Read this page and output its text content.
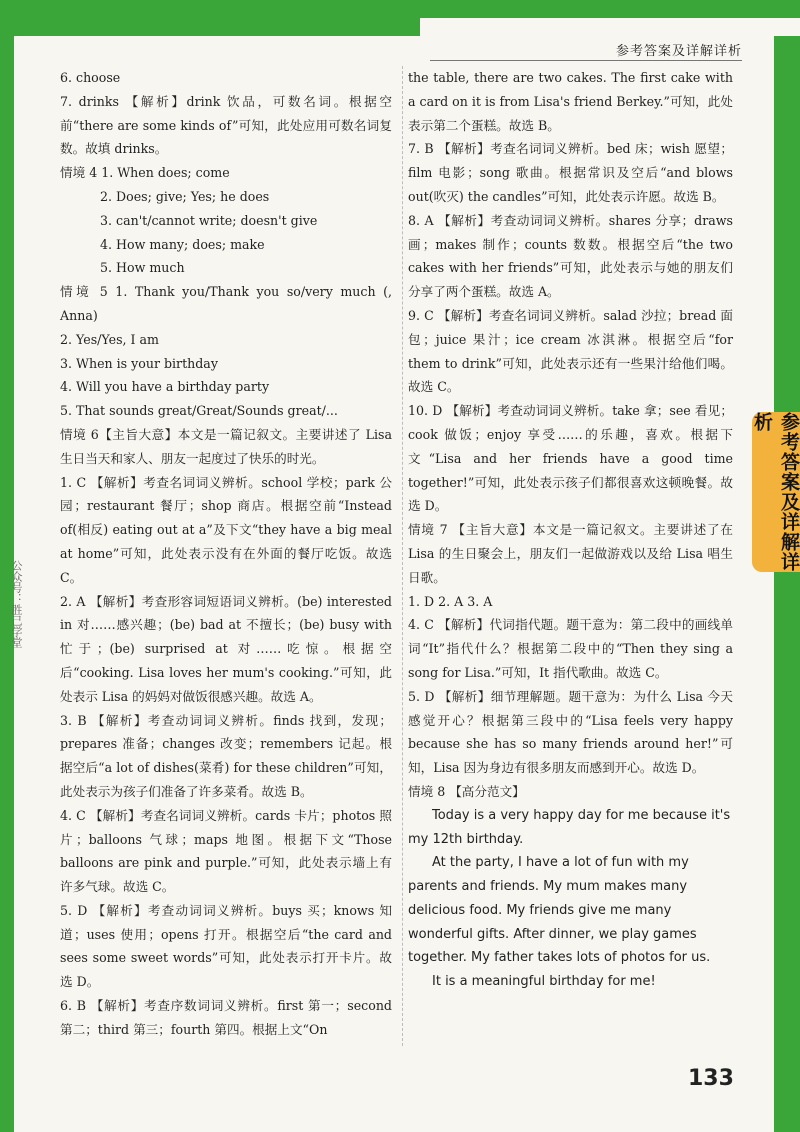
参考答案及详解详析
参考答案及详解详析
公众号：胜己学堂

6. choose

7. drinks 【解析】drink 饮品，可数名词。根据空前“there are some kinds of”可知，此处应用可数名词复数。故填 drinks。

情境 4 1. When does; come

2. Does; give; Yes; he does

3. can't/cannot write; doesn't give

4. How many; does; make

5. How much

情境 5 1. Thank you/Thank you so/very much (, Anna)

2. Yes/Yes, I am

3. When is your birthday

4. Will you have a birthday party

5. That sounds great/Great/Sounds great/...

情境 6【主旨大意】本文是一篇记叙文。主要讲述了 Lisa 生日当天和家人、朋友一起度过了快乐的时光。

1. C 【解析】考查名词词义辨析。school 学校；park 公园；restaurant 餐厅；shop 商店。根据空前“Instead of(相反) eating out at a”及下文“they have a big meal at home”可知，此处表示没有在外面的餐厅吃饭。故选 C。

2. A 【解析】考查形容词短语词义辨析。(be) interested in 对……感兴趣；(be) bad at 不擅长；(be) busy with 忙于；(be) surprised at 对……吃惊。根据空后“cooking. Lisa loves her mum's cooking.”可知，此处表示 Lisa 的妈妈对做饭很感兴趣。故选 A。

3. B 【解析】考查动词词义辨析。finds 找到，发现；prepares 准备；changes 改变；remembers 记起。根据空后“a lot of dishes(菜肴) for these children”可知，此处表示为孩子们准备了许多菜肴。故选 B。

4. C 【解析】考查名词词义辨析。cards 卡片；photos 照片；balloons 气球；maps 地图。根据下文“Those balloons are pink and purple.”可知，此处表示墙上有许多气球。故选 C。

5. D 【解析】考查动词词义辨析。buys 买；knows 知道；uses 使用；opens 打开。根据空后“the card and sees some sweet words”可知，此处表示打开卡片。故选 D。

6. B 【解析】考查序数词词义辨析。first 第一；second 第二；third 第三；fourth 第四。根据上文“On

the table, there are two cakes. The first cake with a card on it is from Lisa's friend Berkey.”可知，此处表示第二个蛋糕。故选 B。

7. B 【解析】考查名词词义辨析。bed 床；wish 愿望；film 电影；song 歌曲。根据常识及空后“and blows out(吹灭) the candles”可知，此处表示许愿。故选 B。

8. A 【解析】考查动词词义辨析。shares 分享；draws 画；makes 制作；counts 数数。根据空后“the two cakes with her friends”可知，此处表示与她的朋友们分享了两个蛋糕。故选 A。

9. C 【解析】考查名词词义辨析。salad 沙拉；bread 面包；juice 果汁；ice cream 冰淇淋。根据空后“for them to drink”可知，此处表示还有一些果汁给他们喝。故选 C。

10. D 【解析】考查动词词义辨析。take 拿；see 看见；cook 做饭；enjoy 享受……的乐趣，喜欢。根据下文“Lisa and her friends have a good time together!”可知，此处表示孩子们都很喜欢这顿晚餐。故选 D。

情境 7 【主旨大意】本文是一篇记叙文。主要讲述了在 Lisa 的生日聚会上，朋友们一起做游戏以及给 Lisa 唱生日歌。

1. D 2. A 3. A

4. C 【解析】代词指代题。题干意为：第二段中的画线单词“It”指代什么？根据第二段中的“Then they sing a song for Lisa.”可知，It 指代歌曲。故选 C。

5. D 【解析】细节理解题。题干意为：为什么 Lisa 今天感觉开心？根据第三段中的“Lisa feels very happy because she has so many friends around her!”可知，Lisa 因为身边有很多朋友而感到开心。故选 D。

情境 8 【高分范文】

Today is a very happy day for me because it's my 12th birthday.

At the party, I have a lot of fun with my parents and friends. My mum makes many delicious food. My friends give me many wonderful gifts. After dinner, we play games together. My father takes lots of photos for us.

It is a meaningful birthday for me!

133
